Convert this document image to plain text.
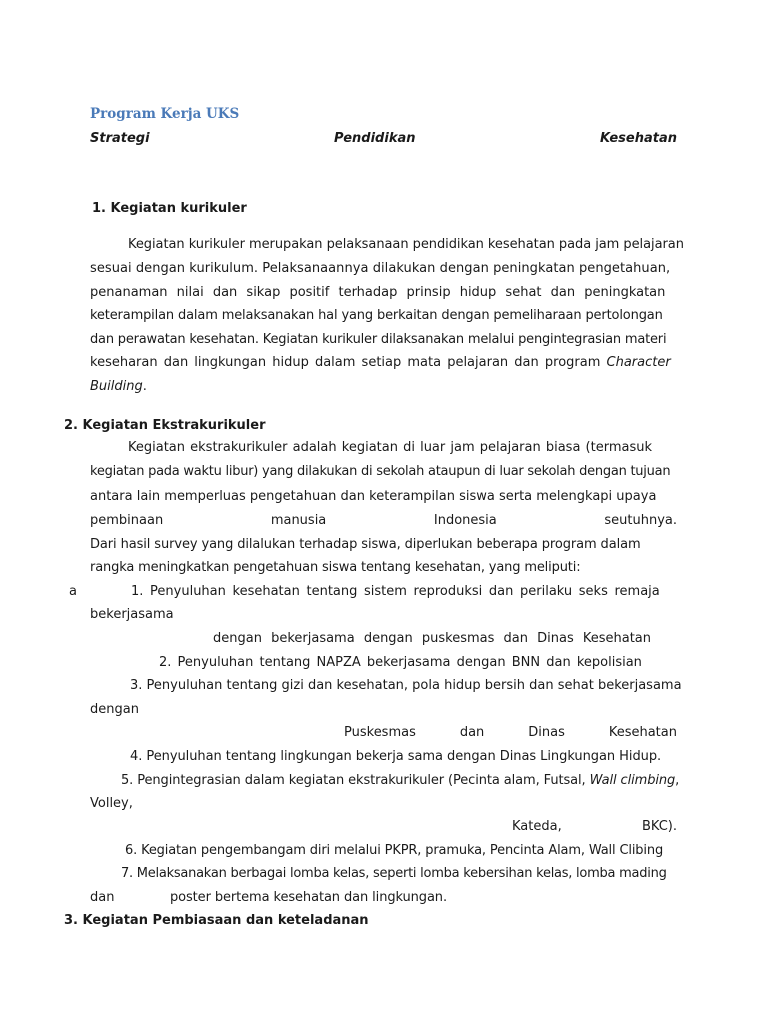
Program Kerja UKS
Strategi	Pendidikan	Kesehatan
1. Kegiatan kurikuler
Kegiatan kurikuler merupakan pelaksanaan pendidikan kesehatan pada jam pelajaran
sesuai dengan kurikulum. Pelaksanaannya dilakukan dengan peningkatan pengetahuan,
penanaman nilai dan sikap positif terhadap prinsip hidup sehat dan peningkatan
keterampilan dalam melaksanakan hal yang berkaitan dengan pemeliharaan pertolongan
dan perawatan kesehatan. Kegiatan kurikuler dilaksanakan melalui pengintegrasian materi
keseharan dan lingkungan hidup dalam setiap mata pelajaran dan program Character
Building.
2. Kegiatan Ekstrakurikuler
Kegiatan ekstrakurikuler adalah kegiatan di luar jam pelajaran biasa (termasuk
kegiatan pada waktu libur) yang dilakukan di sekolah ataupun di luar sekolah dengan tujuan
antara lain memperluas pengetahuan dan keterampilan siswa serta melengkapi upaya
pembinaan	manusia	Indonesia	seutuhnya.
Dari hasil survey yang dilalukan terhadap siswa, diperlukan beberapa program dalam
rangka meningkatkan pengetahuan siswa tentang kesehatan, yang meliputi:
a	1. Penyuluhan kesehatan tentang sistem reproduksi dan perilaku seks remaja
bekerjasama
dengan bekerjasama dengan puskesmas dan Dinas Kesehatan
2. Penyuluhan tentang NAPZA bekerjasama dengan BNN dan kepolisian
3. Penyuluhan tentang gizi dan kesehatan, pola hidup bersih dan sehat bekerjasama
dengan
Puskesmas	dan	Dinas	Kesehatan
4. Penyuluhan tentang lingkungan bekerja sama dengan Dinas Lingkungan Hidup.
5. Pengintegrasian dalam kegiatan ekstrakurikuler (Pecinta alam, Futsal, Wall climbing,
Volley,
Kateda,	BKC).
6. Kegiatan pengembangam diri melalui PKPR, pramuka, Pencinta Alam, Wall Clibing
7. Melaksanakan berbagai lomba kelas, seperti lomba kebersihan kelas, lomba mading
dan	poster bertema kesehatan dan lingkungan.
3. Kegiatan Pembiasaan dan keteladanan
